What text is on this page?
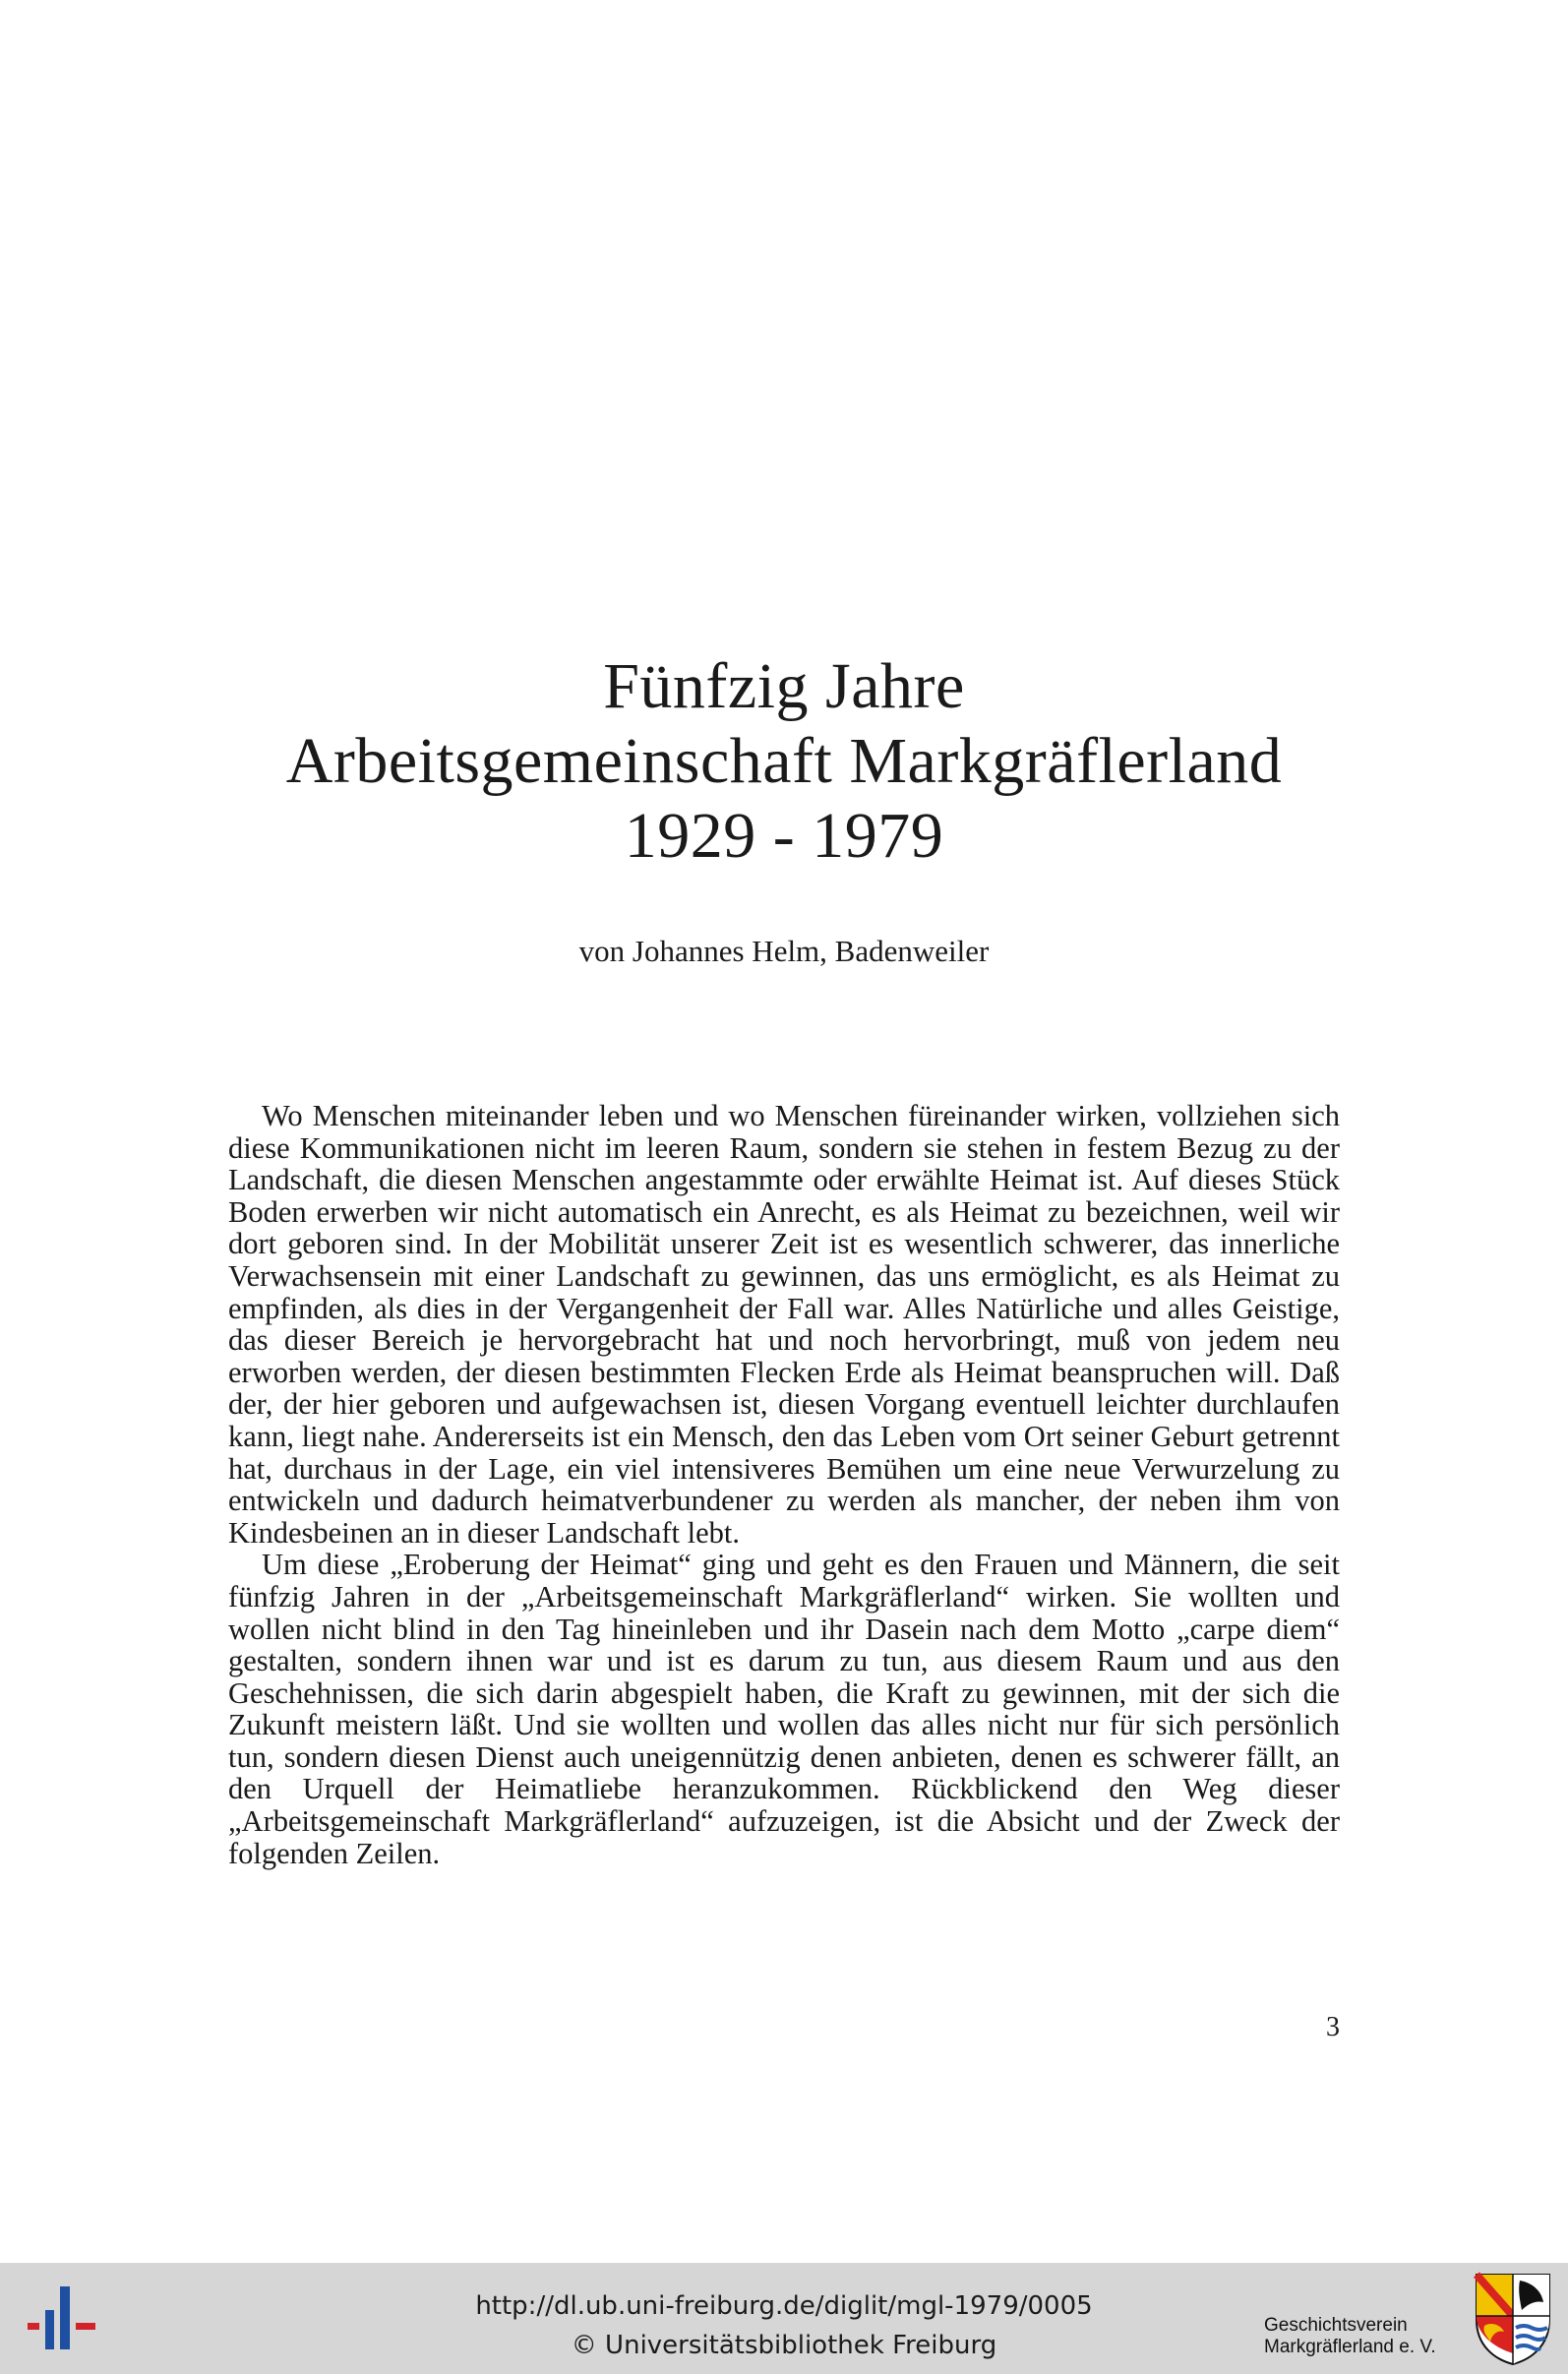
Fünfzig Jahre
Arbeitsgemeinschaft Markgräflerland
1929 - 1979
von Johannes Helm, Badenweiler

Wo Menschen miteinander leben und wo Menschen füreinander wirken, vollziehen sich diese Kommunikationen nicht im leeren Raum, sondern sie stehen in festem Bezug zu der Landschaft, die diesen Menschen angestammte oder erwählte Heimat ist. Auf dieses Stück Boden erwerben wir nicht automatisch ein Anrecht, es als Heimat zu bezeichnen, weil wir dort geboren sind. In der Mobilität unserer Zeit ist es wesentlich schwerer, das innerliche Verwachsensein mit einer Landschaft zu gewinnen, das uns ermöglicht, es als Heimat zu empfinden, als dies in der Vergangenheit der Fall war. Alles Natürliche und alles Geistige, das dieser Bereich je hervorgebracht hat und noch hervorbringt, muß von jedem neu erworben werden, der diesen bestimmten Flecken Erde als Heimat beanspruchen will. Daß der, der hier geboren und aufgewachsen ist, diesen Vorgang eventuell leichter durchlaufen kann, liegt nahe. Andererseits ist ein Mensch, den das Leben vom Ort seiner Geburt getrennt hat, durchaus in der Lage, ein viel intensiveres Bemühen um eine neue Verwurzelung zu entwickeln und dadurch heimatverbundener zu werden als mancher, der neben ihm von Kindesbeinen an in dieser Landschaft lebt.

Um diese „Eroberung der Heimat“ ging und geht es den Frauen und Männern, die seit fünfzig Jahren in der „Arbeitsgemeinschaft Markgräflerland“ wirken. Sie wollten und wollen nicht blind in den Tag hineinleben und ihr Dasein nach dem Motto „carpe diem“ gestalten, sondern ihnen war und ist es darum zu tun, aus diesem Raum und aus den Geschehnissen, die sich darin abgespielt haben, die Kraft zu gewinnen, mit der sich die Zukunft meistern läßt. Und sie wollten und wollen das alles nicht nur für sich persönlich tun, sondern diesen Dienst auch uneigennützig denen anbieten, denen es schwerer fällt, an den Urquell der Heimatliebe heranzukommen. Rückblickend den Weg dieser „Arbeitsgemeinschaft Markgräflerland“ aufzuzeigen, ist die Absicht und der Zweck der folgenden Zeilen.

3
http://dl.ub.uni-freiburg.de/diglit/mgl-1979/0005
© Universitätsbibliothek Freiburg
Geschichtsverein
Markgräflerland e. V.
